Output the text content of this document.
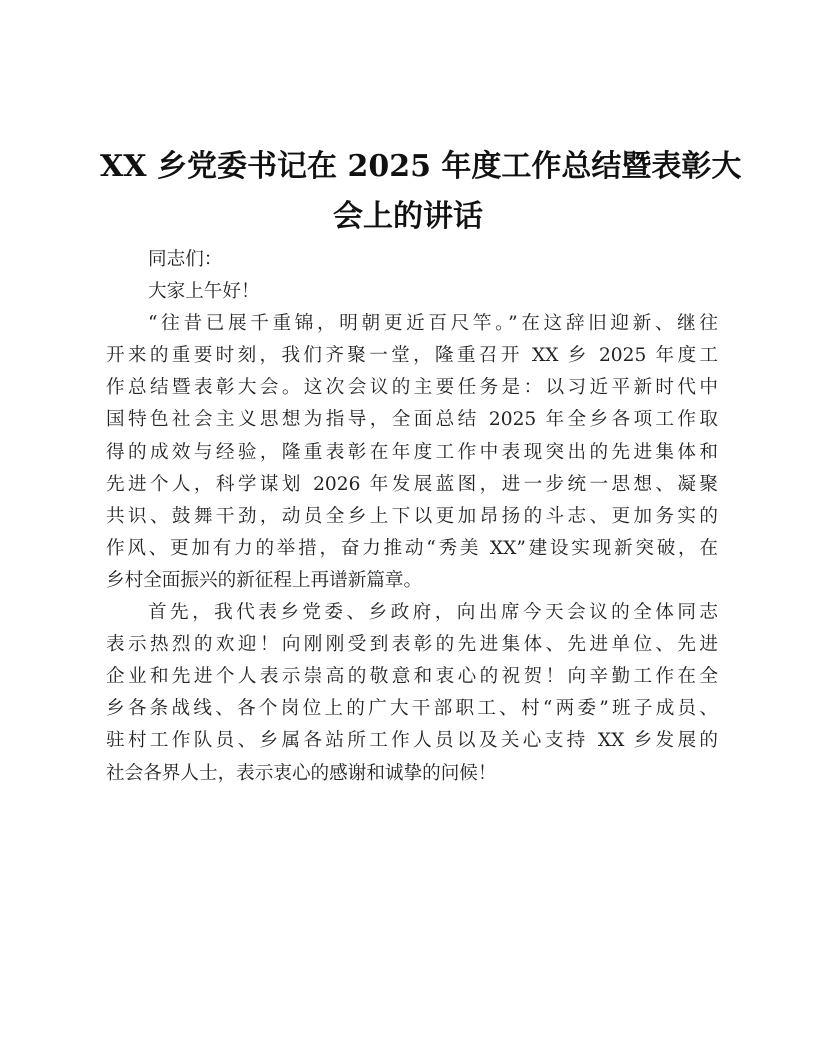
XX 乡党委书记在 2025 年度工作总结暨表彰大
会上的讲话
同志们：
大家上午好！
“往昔已展千重锦，明朝更近百尺竿。”在这辞旧迎新、继往
开来的重要时刻，我们齐聚一堂，隆重召开 XX 乡 2025 年度工
作总结暨表彰大会。这次会议的主要任务是：以习近平新时代中
国特色社会主义思想为指导，全面总结 2025 年全乡各项工作取
得的成效与经验，隆重表彰在年度工作中表现突出的先进集体和
先进个人，科学谋划 2026 年发展蓝图，进一步统一思想、凝聚
共识、鼓舞干劲，动员全乡上下以更加昂扬的斗志、更加务实的
作风、更加有力的举措，奋力推动“秀美 XX”建设实现新突破，在
乡村全面振兴的新征程上再谱新篇章。
首先，我代表乡党委、乡政府，向出席今天会议的全体同志
表示热烈的欢迎！向刚刚受到表彰的先进集体、先进单位、先进
企业和先进个人表示崇高的敬意和衷心的祝贺！向辛勤工作在全
乡各条战线、各个岗位上的广大干部职工、村“两委”班子成员、
驻村工作队员、乡属各站所工作人员以及关心支持 XX 乡发展的
社会各界人士，表示衷心的感谢和诚挚的问候！
